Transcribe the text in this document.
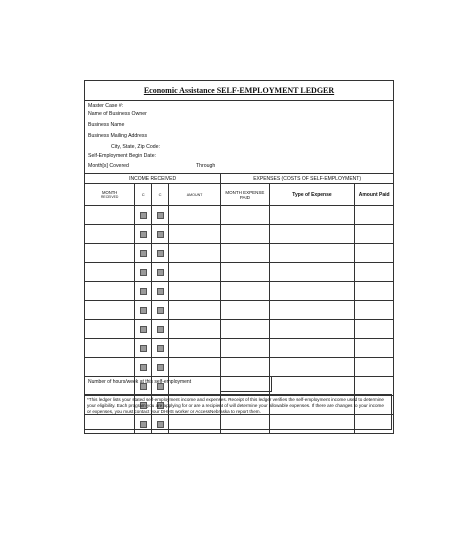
Economic Assistance SELF-EMPLOYMENT LEDGER
Master Case #:
Name of Business Owner
Business Name
Business Mailing Address
City, State, Zip Code:
Self-Employment Begin Date:
Month[s] Covered	Through
INCOME RECEIVED				EXPENSES (COSTS OF SELF-EMPLOYMENT)		

MONTH
RECEIVED	C	C	AMOUNT	MONTH EXPENSE PAID	Type of Expense	Amount Paid

Number of hours/week at this self-employment
*This ledger lists your stated self-employment income and expenses. Receipt of this ledger verifies the self-employment income used to determine your eligibility. Each program you are applying for or are a recipient of will determine your allowable expenses. If there are changes to your income or expenses, you must contact your DHHS worker or AccessNebraska to report them.
